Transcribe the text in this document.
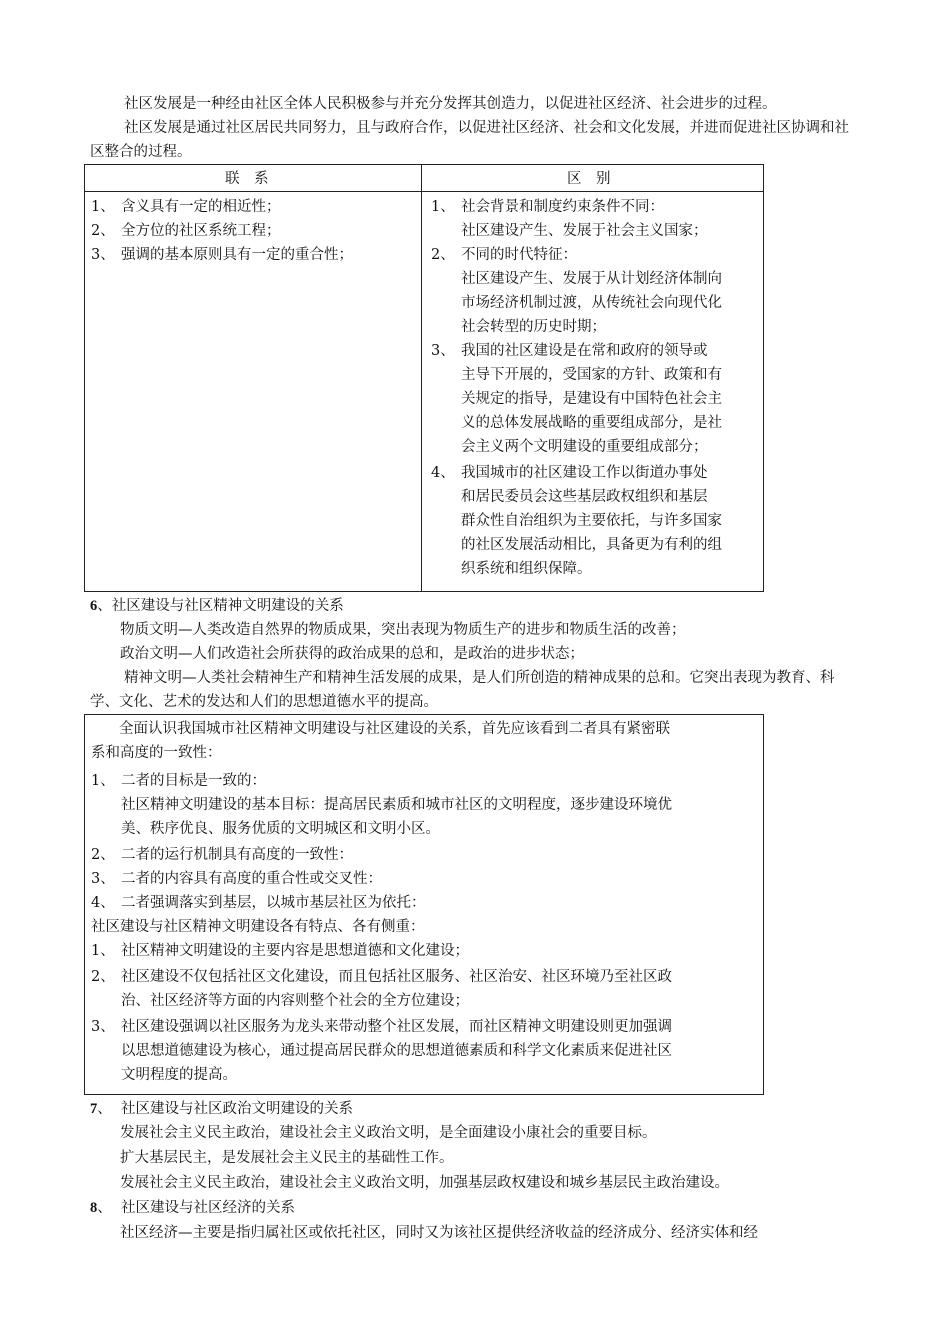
社区发展是一种经由社区全体人民积极参与并充分发挥其创造力，以促进社区经济、社会进步的过程。
社区发展是通过社区居民共同努力，且与政府合作，以促进社区经济、社会和文化发展，并进而促进社区协调和社区整合的过程。
联　系	区　别
1、 含义具有一定的相近性；
2、 全方位的社区系统工程；
3、 强调的基本原则具有一定的重合性；
1、 社会背景和制度约束条件不同：
社区建设产生、发展于社会主义国家；
2、 不同的时代特征：
社区建设产生、发展于从计划经济体制向
市场经济机制过渡，从传统社会向现代化
社会转型的历史时期；
3、 我国的社区建设是在常和政府的领导或
主导下开展的，受国家的方针、政策和有
关规定的指导，是建设有中国特色社会主
义的总体发展战略的重要组成部分，是社
会主义两个文明建设的重要组成部分；
4、 我国城市的社区建设工作以街道办事处
和居民委员会这些基层政权组织和基层
群众性自治组织为主要依托，与许多国家
的社区发展活动相比，具备更为有利的组
织系统和组织保障。
6、社区建设与社区精神文明建设的关系
物质文明—人类改造自然界的物质成果，突出表现为物质生产的进步和物质生活的改善；
政治文明—人们改造社会所获得的政治成果的总和，是政治的进步状态；
精神文明—人类社会精神生产和精神生活发展的成果，是人们所创造的精神成果的总和。它突出表现为教育、科学、文化、艺术的发达和人们的思想道德水平的提高。
全面认识我国城市社区精神文明建设与社区建设的关系，首先应该看到二者具有紧密联
系和高度的一致性：
1、 二者的目标是一致的：
社区精神文明建设的基本目标：提高居民素质和城市社区的文明程度，逐步建设环境优
美、秩序优良、服务优质的文明城区和文明小区。
2、 二者的运行机制具有高度的一致性：
3、 二者的内容具有高度的重合性或交叉性：
4、 二者强调落实到基层，以城市基层社区为依托：
社区建设与社区精神文明建设各有特点、各有侧重：
1、 社区精神文明建设的主要内容是思想道德和文化建设；
2、 社区建设不仅包括社区文化建设，而且包括社区服务、社区治安、社区环境乃至社区政
治、社区经济等方面的内容则整个社会的全方位建设；
3、 社区建设强调以社区服务为龙头来带动整个社区发展，而社区精神文明建设则更加强调
以思想道德建设为核心，通过提高居民群众的思想道德素质和科学文化素质来促进社区
文明程度的提高。
7、  社区建设与社区政治文明建设的关系
发展社会主义民主政治，建设社会主义政治文明，是全面建设小康社会的重要目标。
扩大基层民主，是发展社会主义民主的基础性工作。
发展社会主义民主政治，建设社会主义政治文明，加强基层政权建设和城乡基层民主政治建设。
8、  社区建设与社区经济的关系
社区经济—主要是指归属社区或依托社区，同时又为该社区提供经济收益的经济成分、经济实体和经
